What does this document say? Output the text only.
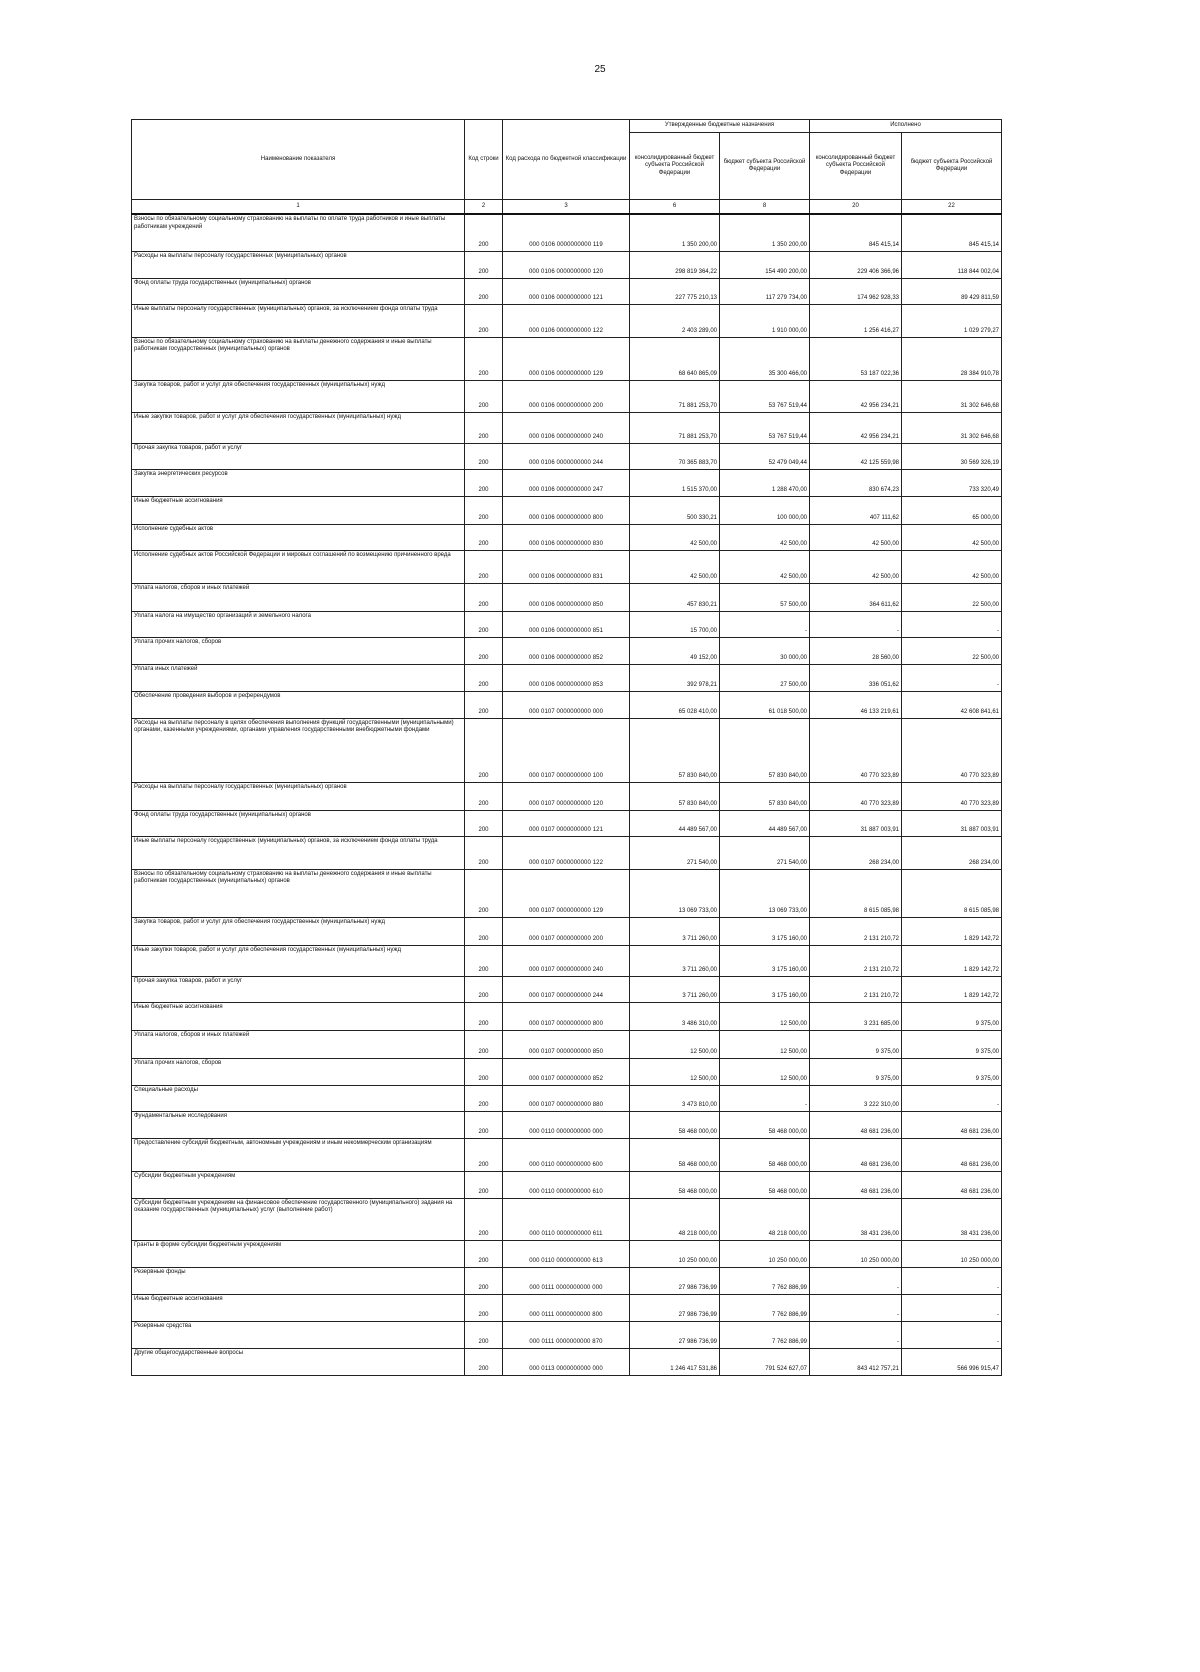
25
Наименование показателя	Код строки	Код расхода по бюджетной классификации	Утвержденные бюджетные назначения		Исполнено	
			консолидированный бюджет субъекта Российской Федерации	бюджет субъекта Российской Федерации	консолидированный бюджет субъекта Российской Федерации	бюджет субъекта Российской Федерации
1	2	3	6	8	20	22
Взносы по обязательному социальному страхованию на выплаты по оплате труда работников и иные выплаты работникам учреждений	200	000 0106 0000000000 119	1 350 200,00	1 350 200,00	845 415,14	845 415,14
Расходы на выплаты персоналу государственных (муниципальных) органов	200	000 0106 0000000000 120	298 819 364,22	154 490 200,00	229 406 366,96	118 844 002,04
Фонд оплаты труда государственных (муниципальных) органов	200	000 0106 0000000000 121	227 775 210,13	117 279 734,00	174 962 928,33	89 429 811,59
Иные выплаты персоналу государственных (муниципальных) органов, за исключением фонда оплаты труда	200	000 0106 0000000000 122	2 403 289,00	1 910 000,00	1 256 416,27	1 029 279,27
Взносы по обязательному социальному страхованию на выплаты денежного содержания и иные выплаты работникам государственных (муниципальных) органов	200	000 0106 0000000000 129	68 640 865,09	35 300 466,00	53 187 022,36	28 384 910,78
Закупка товаров, работ и услуг для обеспечения государственных (муниципальных) нужд	200	000 0106 0000000000 200	71 881 253,70	53 767 519,44	42 956 234,21	31 302 646,68
Иные закупки товаров, работ и услуг для обеспечения государственных (муниципальных) нужд	200	000 0106 0000000000 240	71 881 253,70	53 767 519,44	42 956 234,21	31 302 646,68
Прочая закупка товаров, работ и услуг	200	000 0106 0000000000 244	70 365 883,70	52 479 049,44	42 125 559,98	30 569 326,19
Закупка энергетических ресурсов	200	000 0106 0000000000 247	1 515 370,00	1 288 470,00	830 674,23	733 320,49
Иные бюджетные ассигнования	200	000 0106 0000000000 800	500 330,21	100 000,00	407 111,62	65 000,00
Исполнение судебных актов	200	000 0106 0000000000 830	42 500,00	42 500,00	42 500,00	42 500,00
Исполнение судебных актов Российской Федерации и мировых соглашений по возмещению причиненного вреда	200	000 0106 0000000000 831	42 500,00	42 500,00	42 500,00	42 500,00
Уплата налогов, сборов и иных платежей	200	000 0106 0000000000 850	457 830,21	57 500,00	364 611,62	22 500,00
Уплата налога на имущество организаций и земельного налога	200	000 0106 0000000000 851	15 700,00	-	-	-
Уплата прочих налогов, сборов	200	000 0106 0000000000 852	49 152,00	30 000,00	28 560,00	22 500,00
Уплата иных платежей	200	000 0106 0000000000 853	392 978,21	27 500,00	336 051,62	-
Обеспечение проведения выборов и референдумов	200	000 0107 0000000000 000	65 028 410,00	61 018 500,00	46 133 219,61	42 608 841,61
Расходы на выплаты персоналу в целях обеспечения выполнения функций государственными (муниципальными) органами, казенными учреждениями, органами управления государственными внебюджетными фондами	200	000 0107 0000000000 100	57 830 840,00	57 830 840,00	40 770 323,89	40 770 323,89
Расходы на выплаты персоналу государственных (муниципальных) органов	200	000 0107 0000000000 120	57 830 840,00	57 830 840,00	40 770 323,89	40 770 323,89
Фонд оплаты труда государственных (муниципальных) органов	200	000 0107 0000000000 121	44 489 567,00	44 489 567,00	31 887 003,91	31 887 003,91
Иные выплаты персоналу государственных (муниципальных) органов, за исключением фонда оплаты труда	200	000 0107 0000000000 122	271 540,00	271 540,00	268 234,00	268 234,00
Взносы по обязательному социальному страхованию на выплаты денежного содержания и иные выплаты работникам государственных (муниципальных) органов	200	000 0107 0000000000 129	13 069 733,00	13 069 733,00	8 615 085,98	8 615 085,98
Закупка товаров, работ и услуг для обеспечения государственных (муниципальных) нужд	200	000 0107 0000000000 200	3 711 260,00	3 175 160,00	2 131 210,72	1 829 142,72
Иные закупки товаров, работ и услуг для обеспечения государственных (муниципальных) нужд	200	000 0107 0000000000 240	3 711 260,00	3 175 160,00	2 131 210,72	1 829 142,72
Прочая закупка товаров, работ и услуг	200	000 0107 0000000000 244	3 711 260,00	3 175 160,00	2 131 210,72	1 829 142,72
Иные бюджетные ассигнования	200	000 0107 0000000000 800	3 486 310,00	12 500,00	3 231 685,00	9 375,00
Уплата налогов, сборов и иных платежей	200	000 0107 0000000000 850	12 500,00	12 500,00	9 375,00	9 375,00
Уплата прочих налогов, сборов	200	000 0107 0000000000 852	12 500,00	12 500,00	9 375,00	9 375,00
Специальные расходы	200	000 0107 0000000000 880	3 473 810,00	-	3 222 310,00	-
Фундаментальные исследования	200	000 0110 0000000000 000	58 468 000,00	58 468 000,00	48 681 236,00	48 681 236,00
Предоставление субсидий бюджетным, автономным учреждениям и иным некоммерческим организациям	200	000 0110 0000000000 600	58 468 000,00	58 468 000,00	48 681 236,00	48 681 236,00
Субсидии бюджетным учреждениям	200	000 0110 0000000000 610	58 468 000,00	58 468 000,00	48 681 236,00	48 681 236,00
Субсидии бюджетным учреждениям на финансовое обеспечение государственного (муниципального) задания на оказание государственных (муниципальных) услуг (выполнение работ)	200	000 0110 0000000000 611	48 218 000,00	48 218 000,00	38 431 236,00	38 431 236,00
Гранты в форме субсидии бюджетным учреждениям	200	000 0110 0000000000 613	10 250 000,00	10 250 000,00	10 250 000,00	10 250 000,00
Резервные фонды	200	000 0111 0000000000 000	27 986 736,99	7 762 886,99	-	-
Иные бюджетные ассигнования	200	000 0111 0000000000 800	27 986 736,99	7 762 886,99	-	-
Резервные средства	200	000 0111 0000000000 870	27 986 736,99	7 762 886,99	-	-
Другие общегосударственные вопросы	200	000 0113 0000000000 000	1 246 417 531,86	791 524 627,07	843 412 757,21	566 996 915,47
